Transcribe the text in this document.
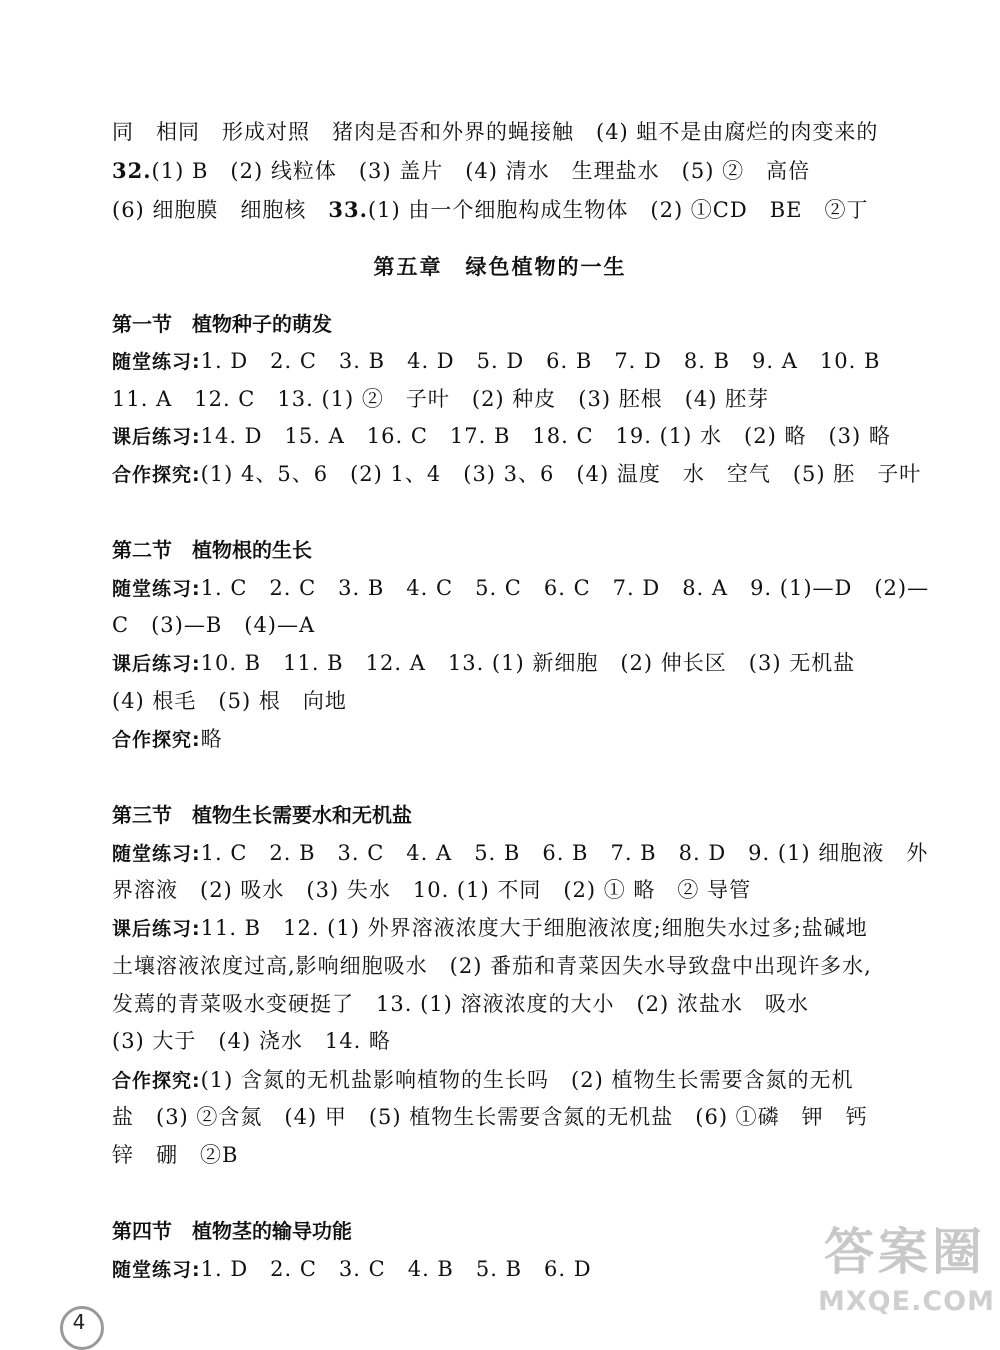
同　相同　形成对照　猪肉是否和外界的蝇接触　(4) 蛆不是由腐烂的肉变来的
32.(1) B　(2) 线粒体　(3) 盖片　(4) 清水　生理盐水　(5) ②　高倍
(6) 细胞膜　细胞核　33.(1) 由一个细胞构成生物体　(2) ①CD　BE　②丁
第五章　绿色植物的一生
第一节　植物种子的萌发
随堂练习:1. D　2. C　3. B　4. D　5. D　6. B　7. D　8. B　9. A　10. B
11. A　12. C　13. (1) ②　子叶　(2) 种皮　(3) 胚根　(4) 胚芽
课后练习:14. D　15. A　16. C　17. B　18. C　19. (1) 水　(2) 略　(3) 略
合作探究:(1) 4、5、6　(2) 1、4　(3) 3、6　(4) 温度　水　空气　(5) 胚　子叶
第二节　植物根的生长
随堂练习:1. C　2. C　3. B　4. C　5. C　6. C　7. D　8. A　9. (1)—D　(2)—
C　(3)—B　(4)—A
课后练习:10. B　11. B　12. A　13. (1) 新细胞　(2) 伸长区　(3) 无机盐
(4) 根毛　(5) 根　向地
合作探究:略
第三节　植物生长需要水和无机盐
随堂练习:1. C　2. B　3. C　4. A　5. B　6. B　7. B　8. D　9. (1) 细胞液　外
界溶液　(2) 吸水　(3) 失水　10. (1) 不同　(2) ① 略　② 导管
课后练习:11. B　12. (1) 外界溶液浓度大于细胞液浓度;细胞失水过多;盐碱地
土壤溶液浓度过高,影响细胞吸水　(2) 番茄和青菜因失水导致盘中出现许多水,
发蔫的青菜吸水变硬挺了　13. (1) 溶液浓度的大小　(2) 浓盐水　吸水
(3) 大于　(4) 浇水　14. 略
合作探究:(1) 含氮的无机盐影响植物的生长吗　(2) 植物生长需要含氮的无机
盐　(3) ②含氮　(4) 甲　(5) 植物生长需要含氮的无机盐　(6) ①磷　钾　钙
锌　硼　②B
第四节　植物茎的输导功能
随堂练习:1. D　2. C　3. C　4. B　5. B　6. D
4
答案圈
MXQE.COM
